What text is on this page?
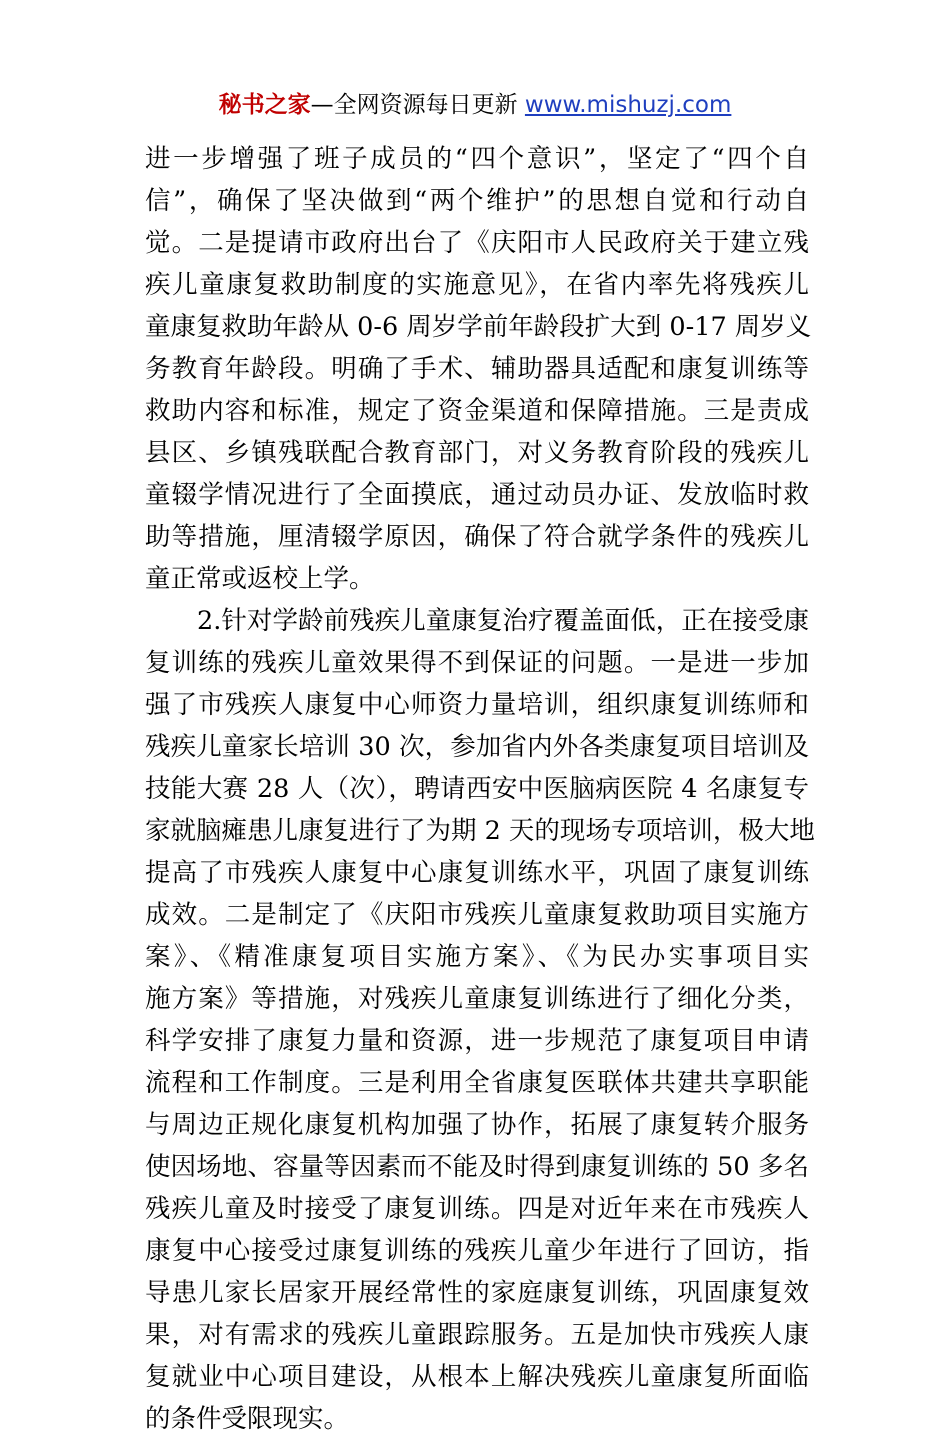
秘书之家—全网资源每日更新 www.mishuzj.com
进一步增强了班子成员的“四个意识”，坚定了“四个自
信”，确保了坚决做到“两个维护”的思想自觉和行动自
觉。二是提请市政府出台了《庆阳市人民政府关于建立残
疾儿童康复救助制度的实施意见》，在省内率先将残疾儿
童康复救助年龄从 0-6 周岁学前年龄段扩大到 0-17 周岁义
务教育年龄段。明确了手术、辅助器具适配和康复训练等
救助内容和标准，规定了资金渠道和保障措施。三是责成
县区、乡镇残联配合教育部门，对义务教育阶段的残疾儿
童辍学情况进行了全面摸底，通过动员办证、发放临时救
助等措施，厘清辍学原因，确保了符合就学条件的残疾儿
童正常或返校上学。
2.针对学龄前残疾儿童康复治疗覆盖面低，正在接受康
复训练的残疾儿童效果得不到保证的问题。一是进一步加
强了市残疾人康复中心师资力量培训，组织康复训练师和
残疾儿童家长培训 30 次，参加省内外各类康复项目培训及
技能大赛 28 人（次），聘请西安中医脑病医院 4 名康复专
家就脑瘫患儿康复进行了为期 2 天的现场专项培训，极大地
提高了市残疾人康复中心康复训练水平，巩固了康复训练
成效。二是制定了《庆阳市残疾儿童康复救助项目实施方
案》、《精准康复项目实施方案》、《为民办实事项目实
施方案》等措施，对残疾儿童康复训练进行了细化分类，
科学安排了康复力量和资源，进一步规范了康复项目申请
流程和工作制度。三是利用全省康复医联体共建共享职能
与周边正规化康复机构加强了协作，拓展了康复转介服务
使因场地、容量等因素而不能及时得到康复训练的 50 多名
残疾儿童及时接受了康复训练。四是对近年来在市残疾人
康复中心接受过康复训练的残疾儿童少年进行了回访，指
导患儿家长居家开展经常性的家庭康复训练，巩固康复效
果，对有需求的残疾儿童跟踪服务。五是加快市残疾人康
复就业中心项目建设，从根本上解决残疾儿童康复所面临
的条件受限现实。
